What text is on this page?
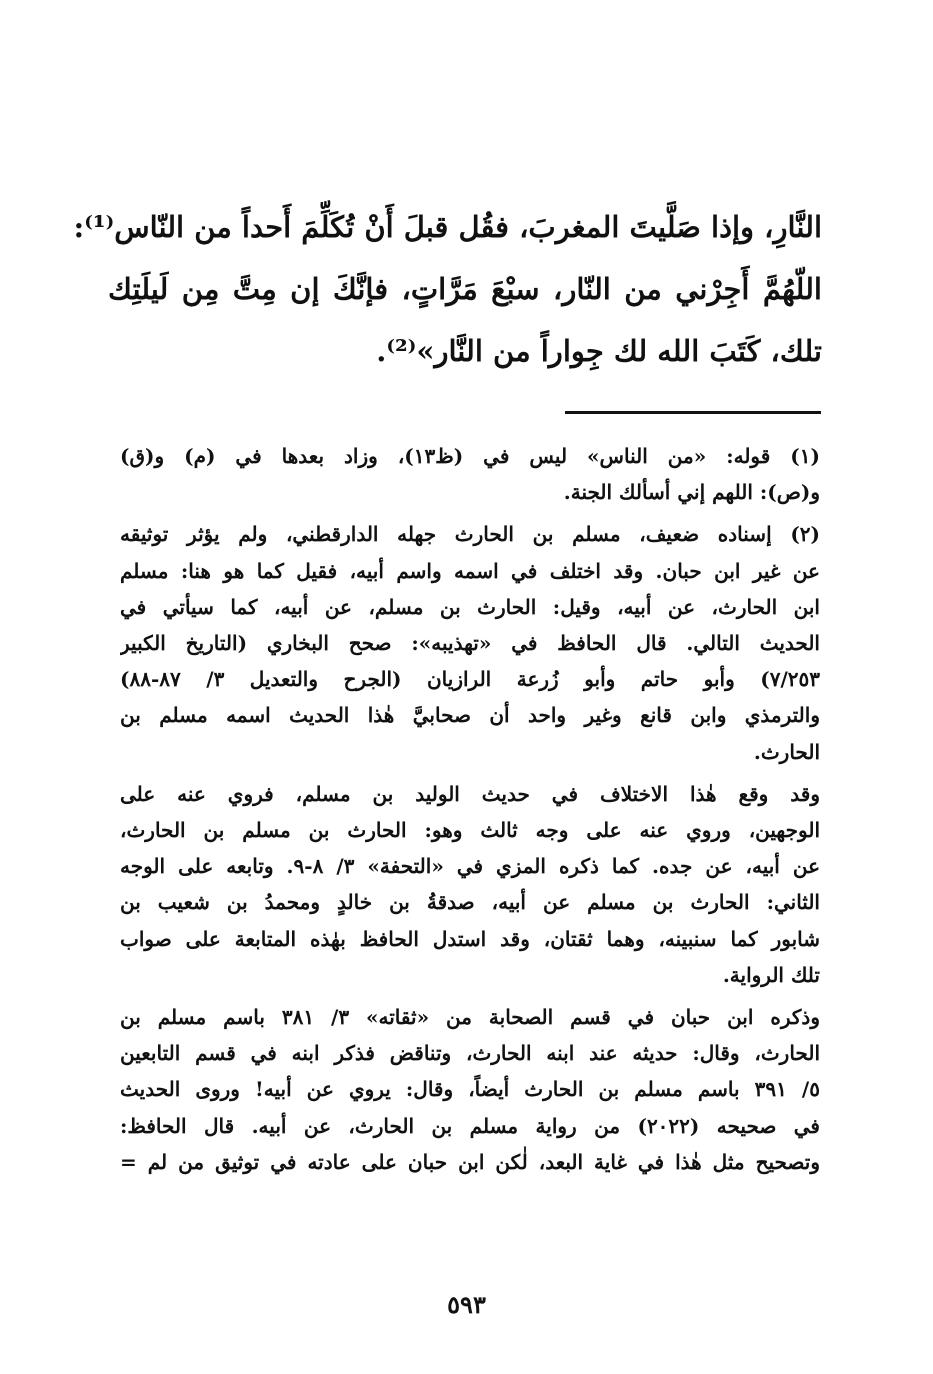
النَّارِ، وإذا صَلَّيتَ المغربَ، فقُل قبلَ أَنْ تُكَلِّمَ أَحداً من النّاس⁽¹⁾:
اللّهُمَّ أَجِرْني من النّار، سبْعَ مَرَّاتٍ، فإنَّكَ إن مِتَّ مِن لَيلَتِك
تلك، كَتَبَ الله لك جِواراً من النَّار»⁽²⁾.
(١) قوله: «من الناس» ليس في (ظ١٣)، وزاد بعدها في (م) و(ق)
و(ص): اللهم إني أسألك الجنة.
(٢) إسناده ضعيف، مسلم بن الحارث جهله الدارقطني، ولم يؤثر توثيقه
عن غير ابن حبان. وقد اختلف في اسمه واسم أبيه، فقيل كما هو هنا: مسلم
ابن الحارث، عن أبيه، وقيل: الحارث بن مسلم، عن أبيه، كما سيأتي في
الحديث التالي. قال الحافظ في «تهذيبه»: صحح البخاري (التاريخ الكبير
٧/٢٥٣) وأبو حاتم وأبو زُرعة الرازيان (الجرح والتعديل ٣/ ٨٧-٨٨)
والترمذي وابن قانع وغير واحد أن صحابيَّ هٰذا الحديث اسمه مسلم بن
الحارث.
وقد وقع هٰذا الاختلاف في حديث الوليد بن مسلم، فروي عنه على
الوجهين، وروي عنه على وجه ثالث وهو: الحارث بن مسلم بن الحارث،
عن أبيه، عن جده. كما ذكره المزي في «التحفة» ٣/ ٨-٩. وتابعه على الوجه
الثاني: الحارث بن مسلم عن أبيه، صدقةُ بن خالدٍ ومحمدُ بن شعيب بن
شابور كما سنبينه، وهما ثقتان، وقد استدل الحافظ بهٰذه المتابعة على صواب
تلك الرواية.
وذكره ابن حبان في قسم الصحابة من «ثقاته» ٣/ ٣٨١ باسم مسلم بن
الحارث، وقال: حديثه عند ابنه الحارث، وتناقض فذكر ابنه في قسم التابعين
٥/ ٣٩١ باسم مسلم بن الحارث أيضاً، وقال: يروي عن أبيه! وروى الحديث
في صحيحه (٢٠٢٢) من رواية مسلم بن الحارث، عن أبيه. قال الحافظ:
وتصحيح مثل هٰذا في غاية البعد، لٰكن ابن حبان على عادته في توثيق من لم =
٥٩٣
